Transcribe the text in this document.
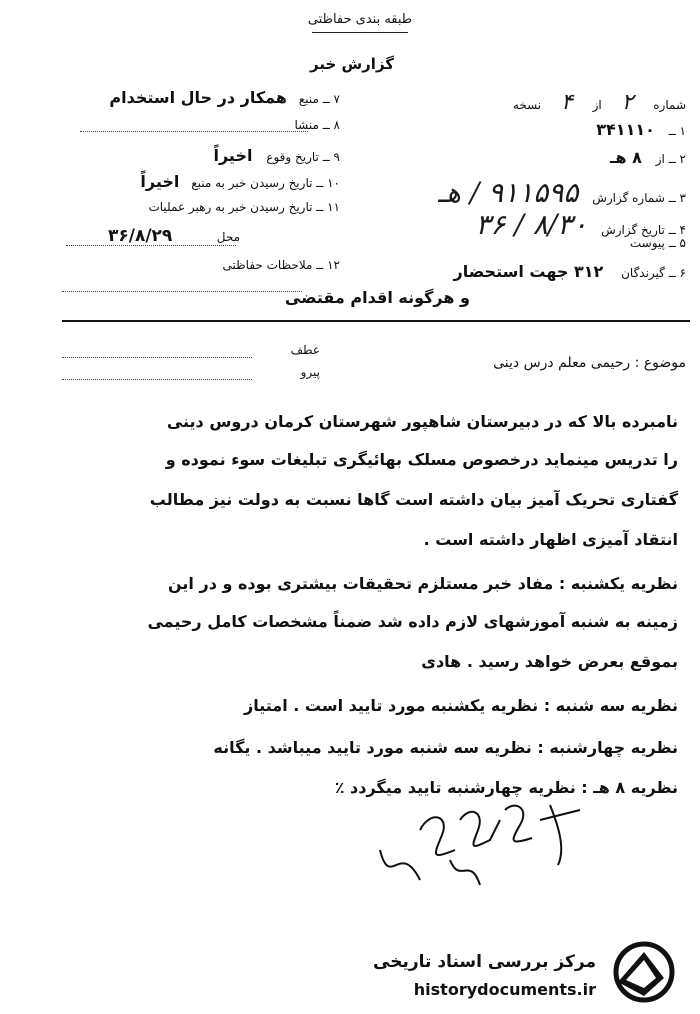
طبقه بندی حفاظتی
گزارش خبر
۷ ــ منبع همکار در حال استخدام
۸ ــ منشا
۹ ــ تاریخ وقوع اخیراً
۱۰ ــ تاریخ رسیدن خبر به منبع اخیراً
۱۱ ــ تاریخ رسیدن خبر به رهبر عملیات
محل
۳۶/۸/۲۹
۱۲ ــ ملاحظات حفاظتی
شماره ۲ از ۴ نسخه
۱ ــ ۳۴۱۱۱۰
۲ ــ از ۸ هـ
۳ ــ شماره گزارش ۹۱۱۵۹۵ / هـ
۴ ــ تاریخ گزارش ۸/۳۰ / ۳۶
۵ ــ پیوست
۶ ــ گیرندگان ۳۱۲ جهت استحضار
و هرگونه اقدام مقتضی
عطف
پیرو
موضوع : رحیمی معلم درس دینی
نامبرده بالا که در دبیرستان شاهپور شهرستان کرمان دروس دینی
را تدریس مینماید درخصوص مسلک بهائیگری تبلیغات سوء نموده و
گفتاری تحریک آمیز بیان داشته است گاها نسبت به دولت نیز مطالب
انتقاد آمیزی اظهار داشته است .
نظریه یکشنبه : مفاد خبر مستلزم تحقیقات بیشتری بوده و در این
زمینه به شنبه آموزشهای لازم داده شد ضمناً مشخصات کامل رحیمی
بموقع بعرض خواهد رسید . هادی
نظریه سه شنبه : نظریه یکشنبه مورد تایید است . امتیاز
نظریه چهارشنبه : نظریه سه شنبه مورد تایید میباشد . یگانه
نظریه ۸ هـ : نظریه چهارشنبه تایید میگردد ٪
مرکز بررسی اسناد تاریخی
historydocuments.ir
